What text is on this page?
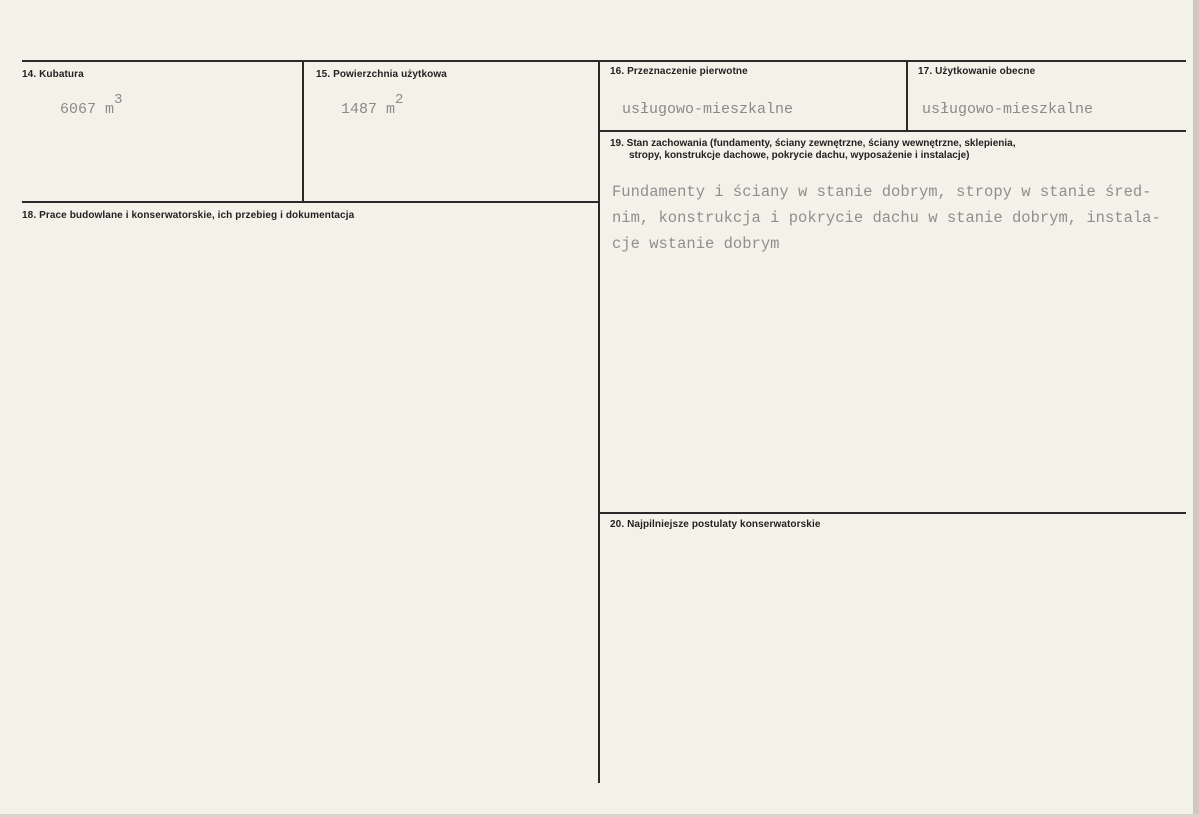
14. Kubatura
6067 m3
15. Powierzchnia użytkowa
1487 m2
16. Przeznaczenie pierwotne
usługowo-mieszkalne
17. Użytkowanie obecne
usługowo-mieszkalne
18. Prace budowlane i konserwatorskie, ich przebieg i dokumentacja
19. Stan zachowania (fundamenty, ściany zewnętrzne, ściany wewnętrzne, sklepienia,
stropy, konstrukcje dachowe, pokrycie dachu, wyposażenie i instalacje)
Fundamenty i ściany w stanie dobrym, stropy w stanie śred-
nim, konstrukcja i pokrycie dachu w stanie dobrym, instala-
cje wstanie dobrym
20. Najpilniejsze postulaty konserwatorskie
